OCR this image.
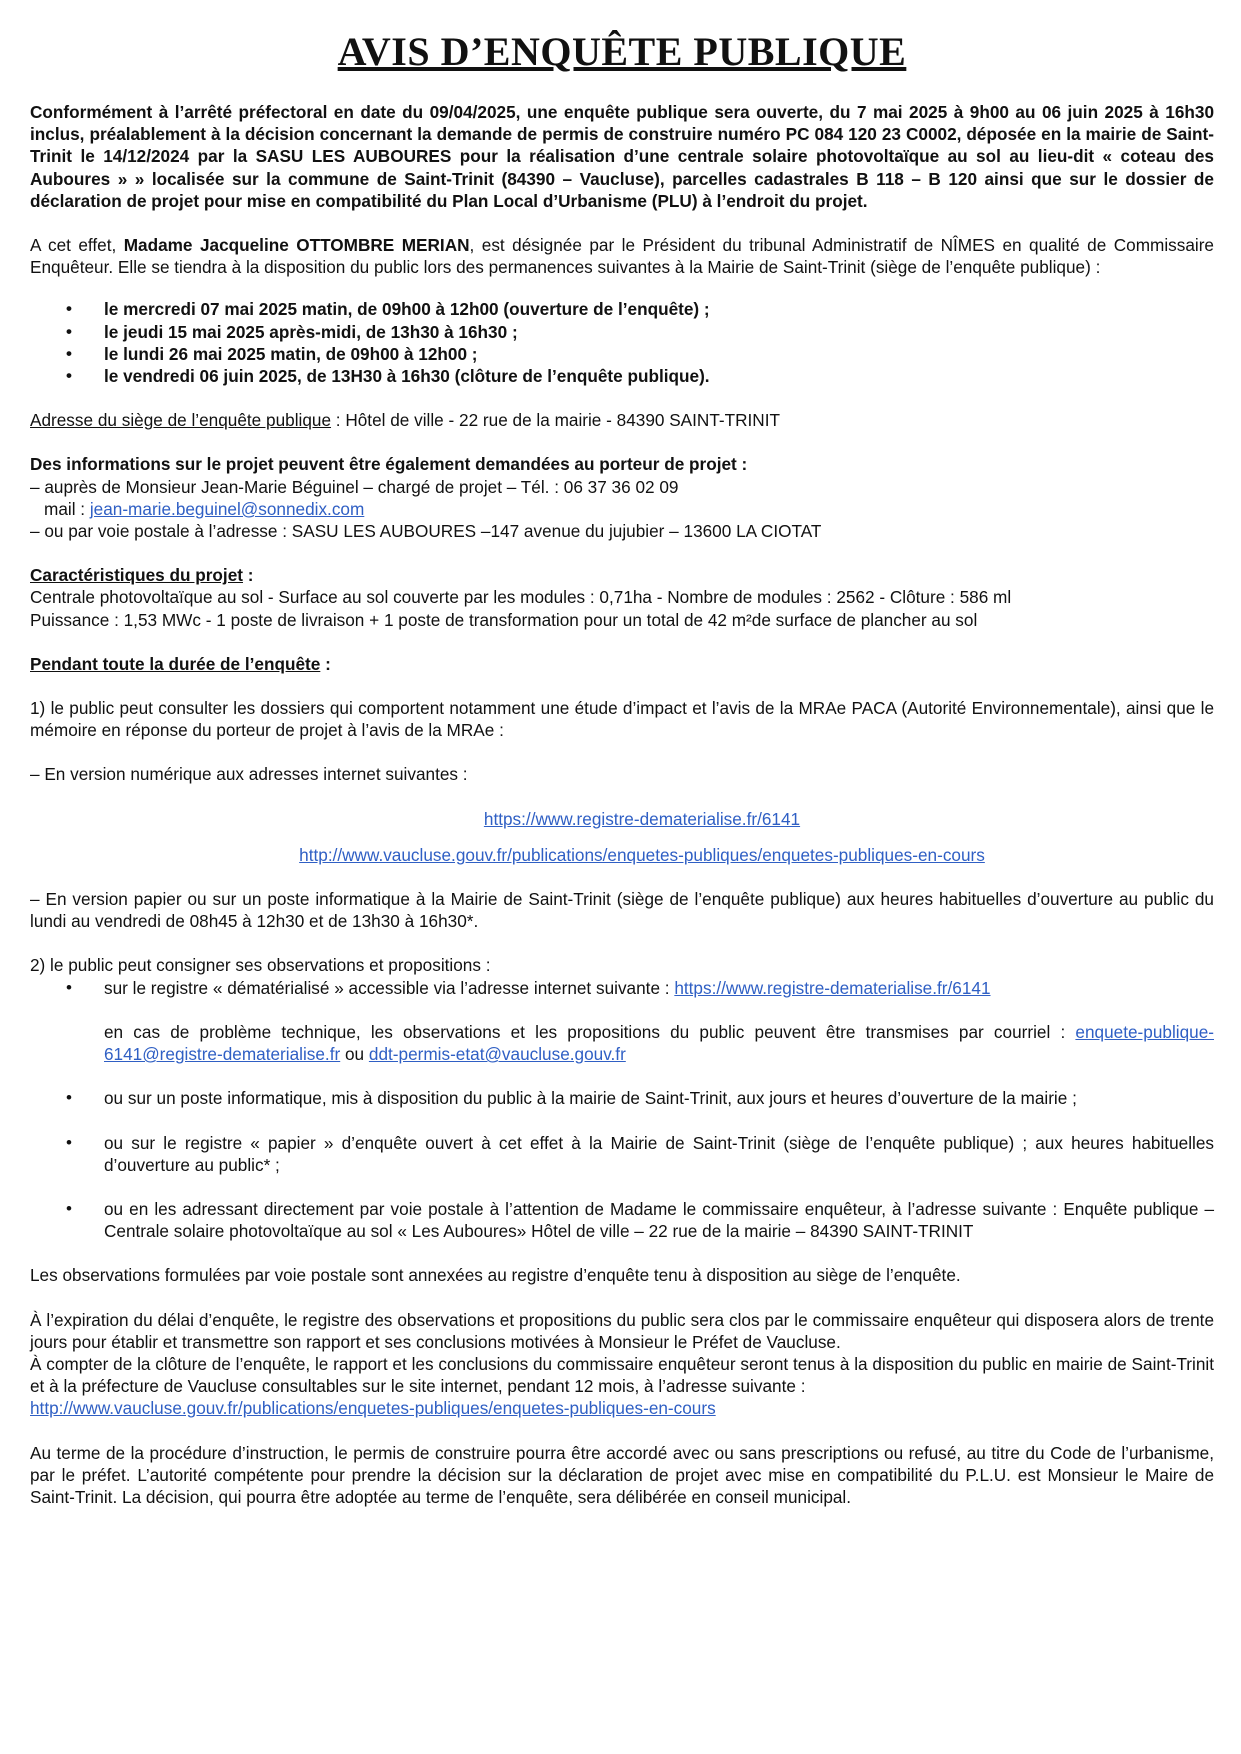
AVIS D’ENQUÊTE PUBLIQUE

Conformément à l’arrêté préfectoral en date du 09/04/2025, une enquête publique sera ouverte, du 7 mai 2025 à 9h00 au 06 juin 2025 à 16h30 inclus, préalablement à la décision concernant la demande de permis de construire numéro PC 084 120 23 C0002, déposée en la mairie de Saint-Trinit le 14/12/2024 par la SASU LES AUBOURES pour la réalisation d’une centrale solaire photovoltaïque au sol au lieu-dit « coteau des Auboures » » localisée sur la commune de Saint-Trinit (84390 – Vaucluse), parcelles cadastrales B 118 – B 120 ainsi que sur le dossier de déclaration de projet pour mise en compatibilité du Plan Local d’Urbanisme (PLU) à l’endroit du projet.

A cet effet, Madame Jacqueline OTTOMBRE MERIAN, est désignée par le Président du tribunal Administratif de NÎMES en qualité de Commissaire Enquêteur. Elle se tiendra à la disposition du public lors des permanences suivantes à la Mairie de Saint-Trinit (siège de l’enquête publique) :

• le mercredi 07 mai 2025 matin, de 09h00 à 12h00 (ouverture de l’enquête) ;
• le jeudi 15 mai 2025 après-midi, de 13h30 à 16h30 ;
• le lundi 26 mai 2025 matin, de 09h00 à 12h00 ;
• le vendredi 06 juin 2025, de 13H30 à 16h30 (clôture de l’enquête publique).

Adresse du siège de l’enquête publique : Hôtel de ville - 22 rue de la mairie - 84390 SAINT-TRINIT

Des informations sur le projet peuvent être également demandées au porteur de projet :

– auprès de Monsieur Jean-Marie Béguinel – chargé de projet – Tél. : 06 37 36 02 09

mail : jean-marie.beguinel@sonnedix.com

– ou par voie postale à l’adresse : SASU LES AUBOURES –147 avenue du jujubier – 13600 LA CIOTAT

Caractéristiques du projet :

Centrale photovoltaïque au sol - Surface au sol couverte par les modules : 0,71ha - Nombre de modules : 2562 - Clôture : 586 ml

Puissance : 1,53 MWc - 1 poste de livraison + 1 poste de transformation pour un total de 42 m²de surface de plancher au sol

Pendant toute la durée de l’enquête :

1) le public peut consulter les dossiers qui comportent notamment une étude d’impact et l’avis de la MRAe PACA (Autorité Environnementale), ainsi que le mémoire en réponse du porteur de projet à l’avis de la MRAe :

– En version numérique aux adresses internet suivantes :

https://www.registre-dematerialise.fr/6141

http://www.vaucluse.gouv.fr/publications/enquetes-publiques/enquetes-publiques-en-cours

– En version papier ou sur un poste informatique à la Mairie de Saint-Trinit (siège de l’enquête publique) aux heures habituelles d’ouverture au public du lundi au vendredi de 08h45 à 12h30 et de 13h30 à 16h30*.

2) le public peut consigner ses observations et propositions :

• sur le registre « dématérialisé » accessible via l’adresse internet suivante : https://www.registre-dematerialise.fr/6141
en cas de problème technique, les observations et les propositions du public peuvent être transmises par courriel : enquete-publique-6141@registre-dematerialise.fr ou ddt-permis-etat@vaucluse.gouv.fr
• ou sur un poste informatique, mis à disposition du public à la mairie de Saint-Trinit, aux jours et heures d’ouverture de la mairie ;
• ou sur le registre « papier » d’enquête ouvert à cet effet à la Mairie de Saint-Trinit (siège de l’enquête publique) ; aux heures habituelles d’ouverture au public* ;
• ou en les adressant directement par voie postale à l’attention de Madame le commissaire enquêteur, à l’adresse suivante : Enquête publique – Centrale solaire photovoltaïque au sol « Les Auboures» Hôtel de ville – 22 rue de la mairie – 84390 SAINT-TRINIT

Les observations formulées par voie postale sont annexées au registre d’enquête tenu à disposition au siège de l’enquête.

À l’expiration du délai d’enquête, le registre des observations et propositions du public sera clos par le commissaire enquêteur qui disposera alors de trente jours pour établir et transmettre son rapport et ses conclusions motivées à Monsieur le Préfet de Vaucluse.

À compter de la clôture de l’enquête, le rapport et les conclusions du commissaire enquêteur seront tenus à la disposition du public en mairie de Saint-Trinit et à la préfecture de Vaucluse consultables sur le site internet, pendant 12 mois, à l’adresse suivante :

http://www.vaucluse.gouv.fr/publications/enquetes-publiques/enquetes-publiques-en-cours

Au terme de la procédure d’instruction, le permis de construire pourra être accordé avec ou sans prescriptions ou refusé, au titre du Code de l’urbanisme, par le préfet. L’autorité compétente pour prendre la décision sur la déclaration de projet avec mise en compatibilité du P.L.U. est Monsieur le Maire de Saint-Trinit. La décision, qui pourra être adoptée au terme de l’enquête, sera délibérée en conseil municipal.
